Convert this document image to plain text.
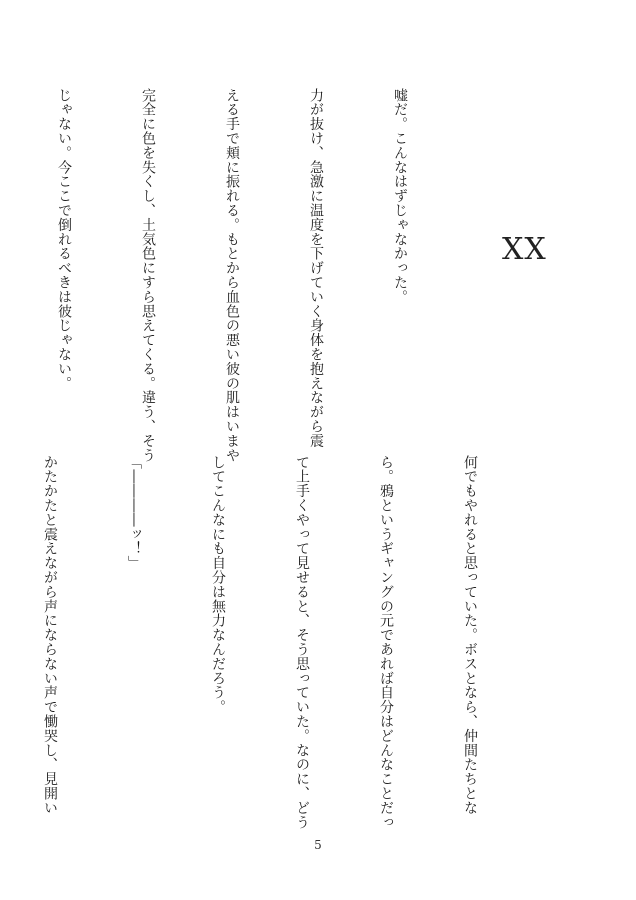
XX

嘘だ。こんなはずじゃなかった。

力が抜け、急激に温度を下げていく身体を抱えながら震

える手で頬に振れる。もとから血色の悪い彼の肌はいまや

完全に色を失くし、土気色にすら思えてくる。違う、そう

じゃない。今ここで倒れるべきは彼じゃない。

何でもやれると思っていた。ボスとなら、仲間たちとな

ら。鴉というギャングの元であれば自分はどんなことだっ

て上手くやって見せると、そう思っていた。なのに、どう

してこんなにも自分は無力なんだろう。

「――――ッ！」

かたかたと震えながら声にならない声で慟哭し、見開い

5
